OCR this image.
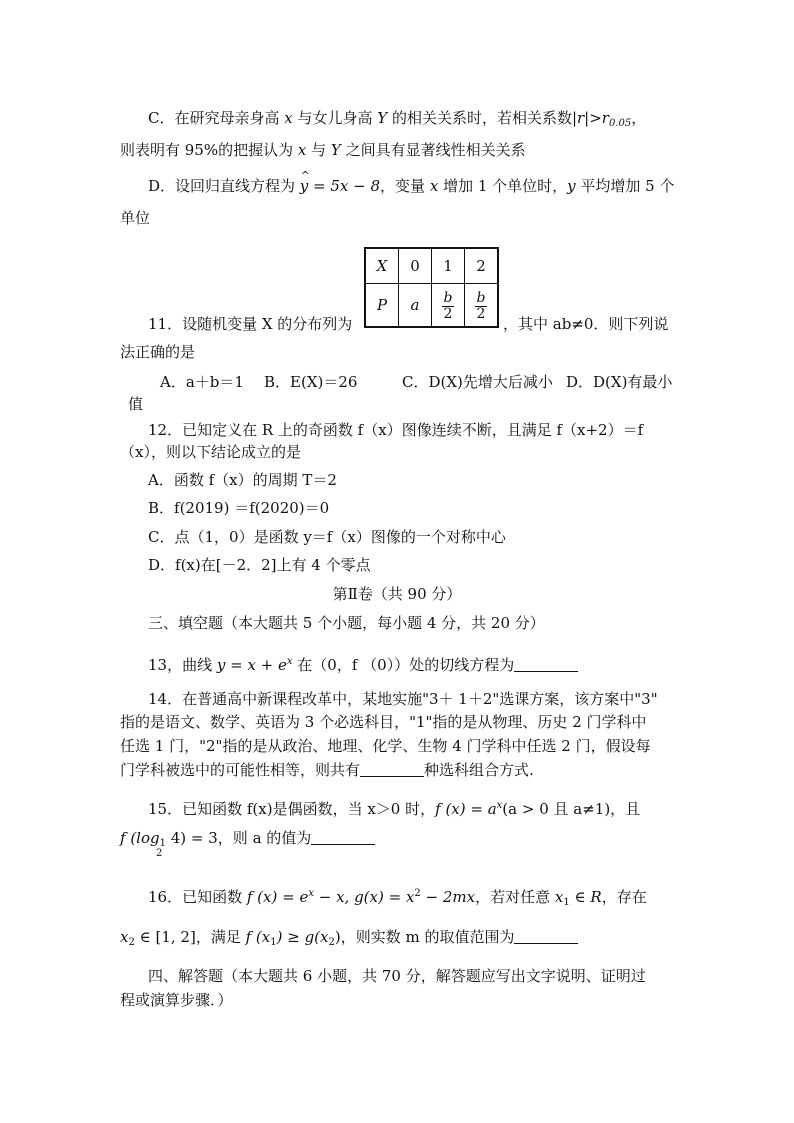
C．在研究母亲身高 x 与女儿身高 Y 的相关关系时，若相关系数$|r|>r_{0.05}$，
则表明有 95%的把握认为 x 与 Y 之间具有显著线性相关关系
D．设回归直线方程为 ^ y = 5x − 8，变量 x 增加 1 个单位时，y 平均增加 5 个
单位
X	0	1	2
P	a	$\frac{b}{2}$	$\frac{b}{2}$
11．设随机变量 X 的分布列为	，其中 ab≠0．则下列说
法正确的是
A．a＋b＝1 B．E(X)＝26	C．D(X)先增大后减小 D．D(X)有最小
值
12．已知定义在 R 上的奇函数 f（x）图像连续不断，且满足 f（x+2）＝f
（x），则以下结论成立的是
A．函数 f（x）的周期 T＝2
B．f(2019) ＝f(2020)＝0
C．点（1，0）是函数 y＝f（x）图像的一个对称中心
D．f(x)在[－2．2]上有 4 个零点
第Ⅱ卷（共 90 分）
三、填空题（本大题共 5 个小题，每小题 4 分，共 20 分）
13，曲线 $y = x + e^x$ 在（0，f （0））处的切线方程为
14．在普通高中新课程改革中，某地实施"3＋ 1＋2"选课方案，该方案中"3"
指的是语文、数学、英语为 3 个必选科目，"1"指的是从物理、历史 2 门学科中
任选 1 门，"2"指的是从政治、地理、化学、生物 4 门学科中任选 2 门，假设每
门学科被选中的可能性相等，则共有	种选科组合方式.
15．已知函数 f(x)是偶函数，当 x＞0 时，f $(x) = a^x(a > 0$ 且 a≠1)，且
f ($\log_1$ 4) = 3
2
，则 a 的值为
16．已知函数 f $(x) = e^x - x$, $g(x) = x^2 - 2mx$，若对任意 $x_1$ ∈ R，存在
$x_2$ ∈ [1, 2]，满足 f $(x_1) \ge g(x_2)$，则实数 m 的取值范围为
四、解答题（本大题共 6 小题，共 70 分，解答题应写出文字说明、证明过
程或演算步骤．）
